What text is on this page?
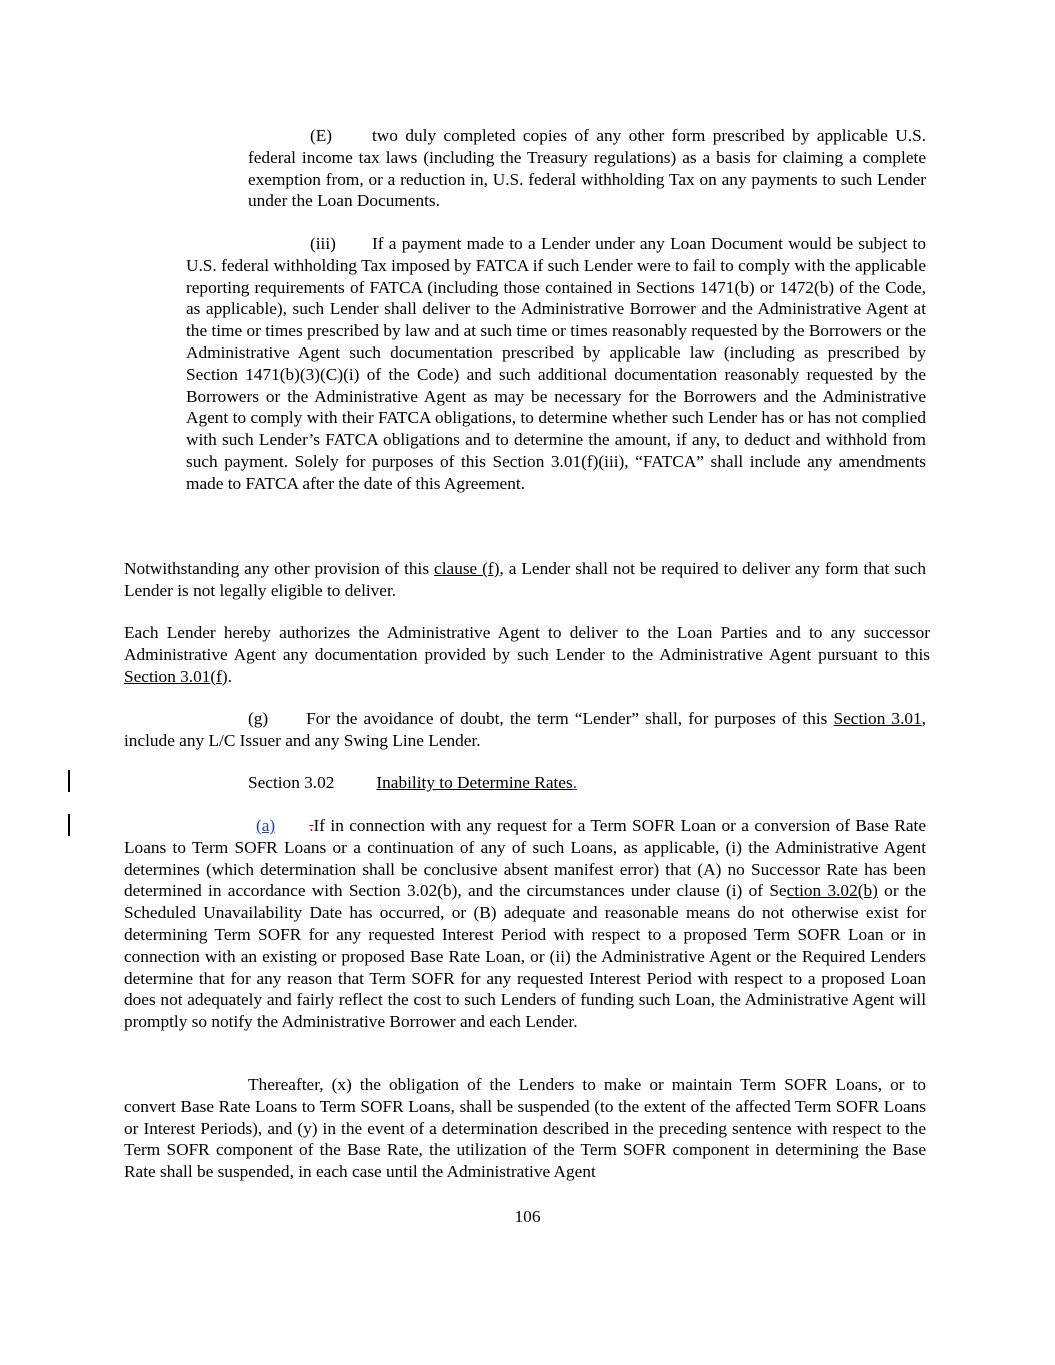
(E) two duly completed copies of any other form prescribed by applicable U.S. federal income tax laws (including the Treasury regulations) as a basis for claiming a complete exemption from, or a reduction in, U.S. federal withholding Tax on any payments to such Lender under the Loan Documents.

(iii) If a payment made to a Lender under any Loan Document would be subject to U.S. federal withholding Tax imposed by FATCA if such Lender were to fail to comply with the applicable reporting requirements of FATCA (including those contained in Sections 1471(b) or 1472(b) of the Code, as applicable), such Lender shall deliver to the Administrative Borrower and the Administrative Agent at the time or times prescribed by law and at such time or times reasonably requested by the Borrowers or the Administrative Agent such documentation prescribed by applicable law (including as prescribed by Section 1471(b)(3)(C)(i) of the Code) and such additional documentation reasonably requested by the Borrowers or the Administrative Agent as may be necessary for the Borrowers and the Administrative Agent to comply with their FATCA obligations, to determine whether such Lender has or has not complied with such Lender’s FATCA obligations and to determine the amount, if any, to deduct and withhold from such payment. Solely for purposes of this Section 3.01(f)(iii), “FATCA” shall include any amendments made to FATCA after the date of this Agreement.

Notwithstanding any other provision of this clause (f), a Lender shall not be required to deliver any form that such Lender is not legally eligible to deliver.

Each Lender hereby authorizes the Administrative Agent to deliver to the Loan Parties and to any successor Administrative Agent any documentation provided by such Lender to the Administrative Agent pursuant to this Section 3.01(f).

(g) For the avoidance of doubt, the term “Lender” shall, for purposes of this Section 3.01, include any L/C Issuer and any Swing Line Lender.

Section 3.02 Inability to Determine Rates.

(a) .If in connection with any request for a Term SOFR Loan or a conversion of Base Rate Loans to Term SOFR Loans or a continuation of any of such Loans, as applicable, (i) the Administrative Agent determines (which determination shall be conclusive absent manifest error) that (A) no Successor Rate has been determined in accordance with Section 3.02(b), and the circumstances under clause (i) of Section 3.02(b) or the Scheduled Unavailability Date has occurred, or (B) adequate and reasonable means do not otherwise exist for determining Term SOFR for any requested Interest Period with respect to a proposed Term SOFR Loan or in connection with an existing or proposed Base Rate Loan, or (ii) the Administrative Agent or the Required Lenders determine that for any reason that Term SOFR for any requested Interest Period with respect to a proposed Loan does not adequately and fairly reflect the cost to such Lenders of funding such Loan, the Administrative Agent will promptly so notify the Administrative Borrower and each Lender.

Thereafter, (x) the obligation of the Lenders to make or maintain Term SOFR Loans, or to convert Base Rate Loans to Term SOFR Loans, shall be suspended (to the extent of the affected Term SOFR Loans or Interest Periods), and (y) in the event of a determination described in the preceding sentence with respect to the Term SOFR component of the Base Rate, the utilization of the Term SOFR component in determining the Base Rate shall be suspended, in each case until the Administrative Agent

106
